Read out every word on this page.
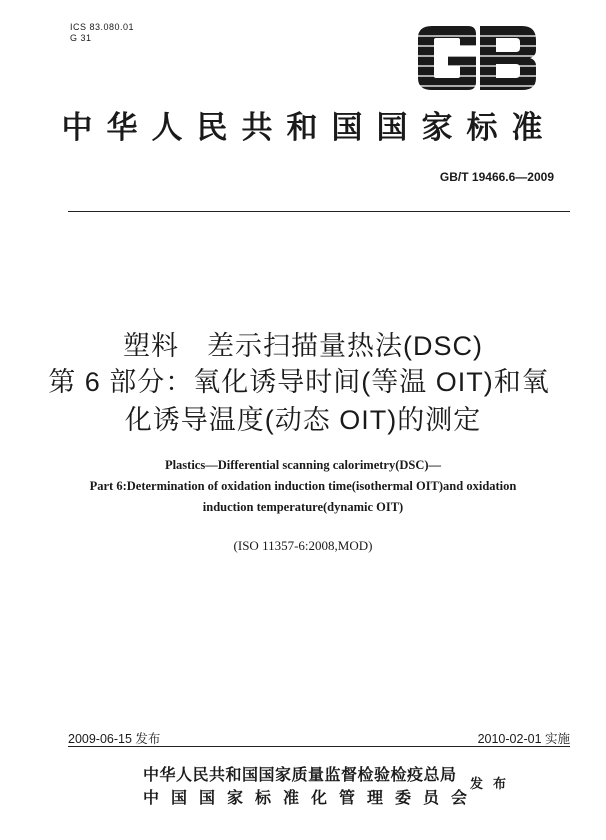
ICS 83.080.01
G 31
中华人民共和国国家标准
GB/T 19466.6—2009
塑料　差示扫描量热法(DSC)
第 6 部分：氧化诱导时间(等温 OIT)和氧
化诱导温度(动态 OIT)的测定
Plastics—Differential scanning calorimetry(DSC)—
Part 6:Determination of oxidation induction time(isothermal OIT)and oxidation
induction temperature(dynamic OIT)
(ISO 11357-6:2008,MOD)
2009-06-15 发布	2010-02-01 实施
中华人民共和国国家质量监督检验检疫总局
中国国家标准化管理委员会
发布
